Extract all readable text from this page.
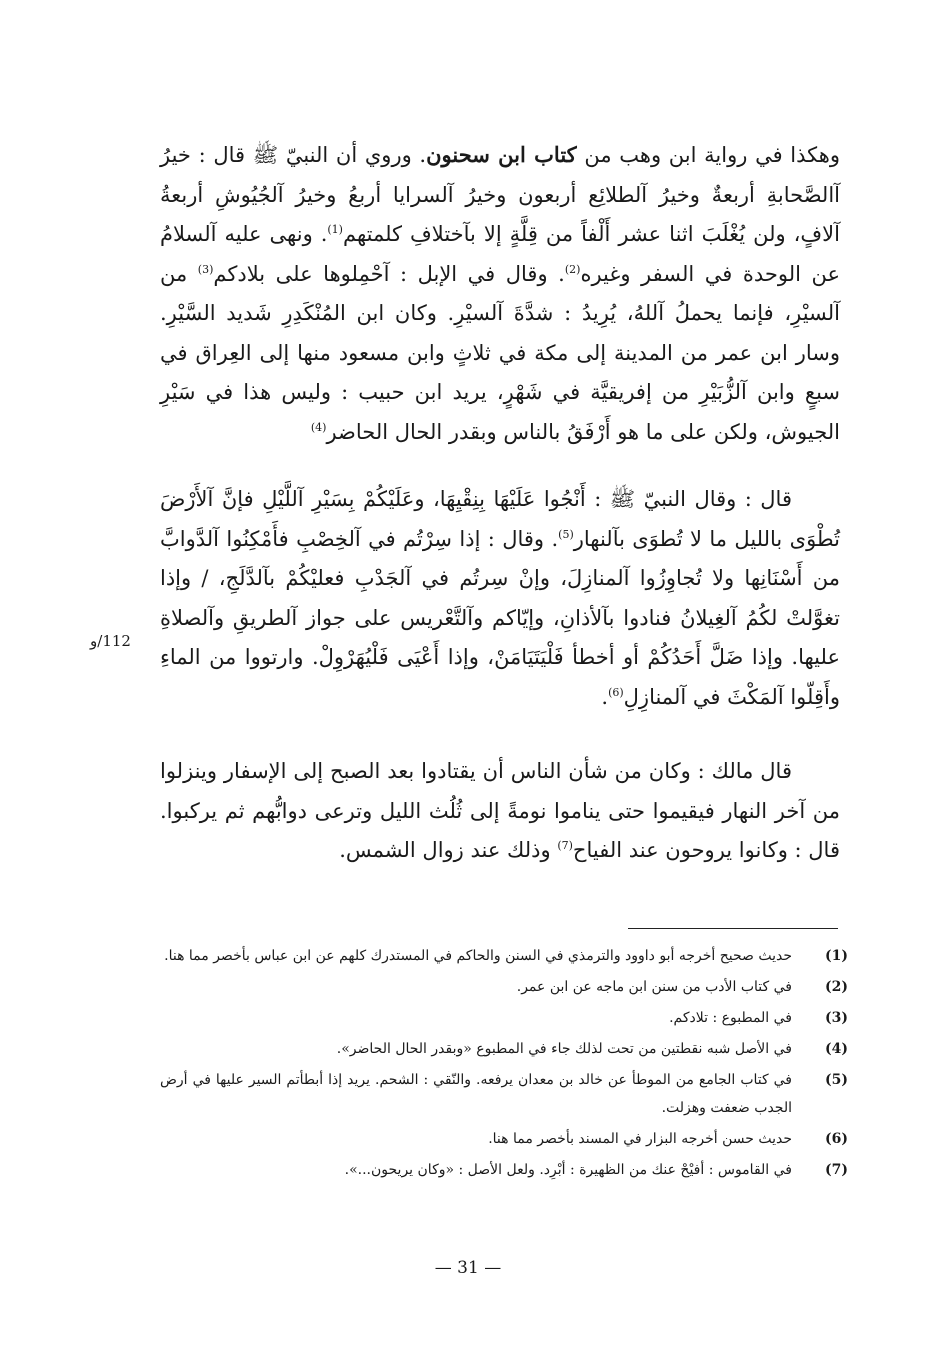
وهكذا في رواية ابن وهب من كتاب ابن سحنون. وروي أن النبيّ ﷺ قال : خيرُ آالصَّحابةِ أربعةٌ وخيرُ آلطلائِع أربعون وخيرُ آلسرايا أربعُ وخيرُ آلجُيُوشِ أربعةُ آلافٍ، ولن يُغْلَبَ اثنا عشر أَلْفاً من قِلَّةٍ إلا بآختلافِ كلمتهم$^{(1)}$. ونهى عليه آلسلامُ عن الوحدة في السفر وغيره$^{(2)}$. وقال في الإبل : آحْمِلوها على بلادكم$^{(3)}$ من آلسيْرِ، فإنما يحملُ آللهُ، يُرِيدُ : شدَّةَ آلسيْرِ. وكان ابن المُنْكَدِرِ شَديد السَّيْرِ. وسار ابن عمر من المدينة إلى مكة في ثلاثٍ وابن مسعود منها إلى العِراق في سبعٍ وابن آلزُّبَيْرِ من إفريقيَّة في شَهْرٍ، يريد ابن حبيب : وليس هذا في سَيْرِ الجيوش، ولكن على ما هو أَرْفَقُ بالناس وبقدر الحال الحاضر$^{(4)}$

قال : وقال النبيّ ﷺ : أَنْجُوا عَلَيْهَا بِنِقْيِهَا، وعَلَيْكُمْ بِسَيْرِ آللَّيْلِ فإنَّ آلأَرْضَ تُطْوَى بالليل ما لا تُطوَى بآلنهار$^{(5)}$. وقال : إذا سِرْتُم في آلخِصْبِ فأَمْكِنُوا آلدَّوابَّ من أَسْنَانِها ولا تُجاوِزُوا آلمنازِلَ، وإنْ سِرتُم في آلجَدْبِ فعليْكُمْ بآلدَّلَجِ، / وإذا تغوَّلتْ لكُمُ آلغِيلانُ فنادوا بآلأذانِ، وإيّاكم وآلتَّعْريس على جواز آلطريقِ وآلصلاةِ عليها. وإذا ضَلَّ أَحَدُكُمْ أو أخطأ فَلْيَتَيَامَنْ، وإذا أَعْيَى فَلْيُهَرْوِلْ. وارتووا من الماءِ وأَقِلّوا آلمَكْثَ في آلمنازِلِ$^{(6)}$.

112/و

قال مالك : وكان من شأن الناس أن يقتادوا بعد الصبح إلى الإسفار وينزلوا من آخر النهار فيقيموا حتى يناموا نومةً إلى ثُلُث الليل وترعى دوابُّهم ثم يركبوا. قال : وكانوا يروحون عند الفياح$^{(7)}$ وذلك عند زوال الشمس.

(1)
حديث صحيح أخرجه أبو داوود والترمذي في السنن والحاكم في المستدرك كلهم عن ابن عباس بأخصر مما هنا.
(2)
في كتاب الأدب من سنن ابن ماجه عن ابن عمر.
(3)
في المطبوع : تلادكم.
(4)
في الأصل شبه نقطتين من تحت لذلك جاء في المطبوع «وبقدر الحال الحاضر».
(5)
في كتاب الجامع من الموطأ عن خالد بن معدان يرفعه. والنّقي : الشحم. يريد إذا أبطأتم السير عليها في أرض الجدب ضعفت وهزلت.
(6)
حديث حسن أخرجه البزار في المسند بأخصر مما هنا.
(7)
في القاموس : أفيْحْ عنك من الظهيرة : أبْرِد. ولعل الأصل : «وكان يريحون...».
— 31 —
